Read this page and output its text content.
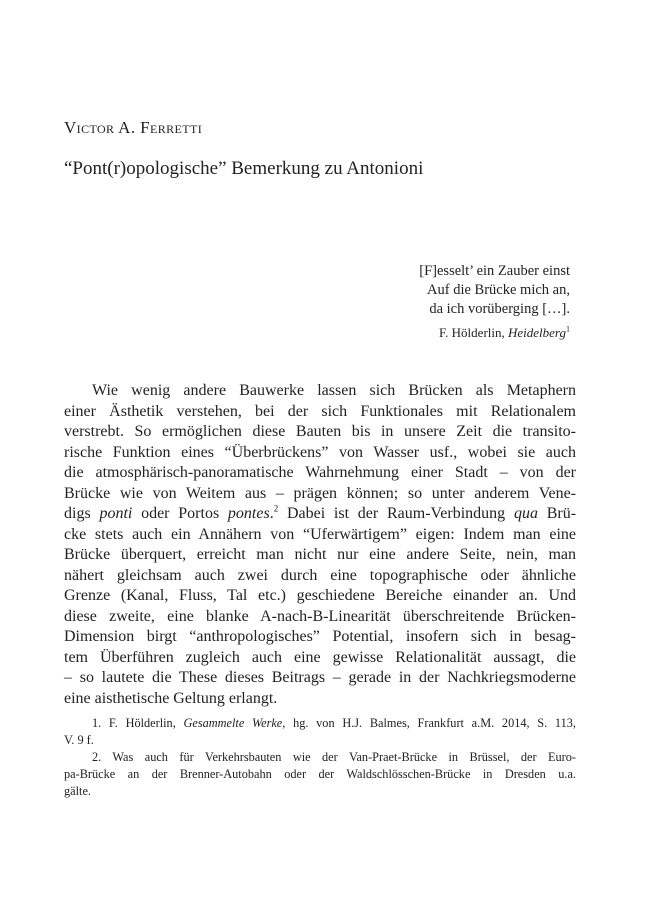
Victor A. Ferretti
“Pont(r)opologische” Bemerkung zu Antonioni
[F]esselt’ ein Zauber einst
Auf die Brücke mich an,
da ich vorüberging […].
F. Hölderlin, Heidelberg$^1$
Wie wenig andere Bauwerke lassen sich Brücken als Metaphern
einer Ästhetik verstehen, bei der sich Funktionales mit Relationalem
verstrebt. So ermöglichen diese Bauten bis in unsere Zeit die transito-
rische Funktion eines “Überbrückens” von Wasser usf., wobei sie auch
die atmosphärisch-panoramatische Wahrnehmung einer Stadt – von der
Brücke wie von Weitem aus – prägen können; so unter anderem Vene-
digs ponti oder Portos pontes.$^2$ Dabei ist der Raum-Verbindung qua Brü-
cke stets auch ein Annähern von “Uferwärtigem” eigen: Indem man eine
Brücke überquert, erreicht man nicht nur eine andere Seite, nein, man
nähert gleichsam auch zwei durch eine topographische oder ähnliche
Grenze (Kanal, Fluss, Tal etc.) geschiedene Bereiche einander an. Und
diese zweite, eine blanke A-nach-B-Linearität überschreitende Brücken-
Dimension birgt “anthropologisches” Potential, insofern sich in besag-
tem Überführen zugleich auch eine gewisse Relationalität aussagt, die
– so lautete die These dieses Beitrags – gerade in der Nachkriegsmoderne
eine aisthetische Geltung erlangt.
1. F. Hölderlin, Gesammelte Werke, hg. von H.J. Balmes, Frankfurt a.M. 2014, S. 113,
V. 9 f.
2. Was auch für Verkehrsbauten wie der Van-Praet-Brücke in Brüssel, der Euro-
pa-Brücke an der Brenner-Autobahn oder der Waldschlösschen-Brücke in Dresden u.a.
gälte.
